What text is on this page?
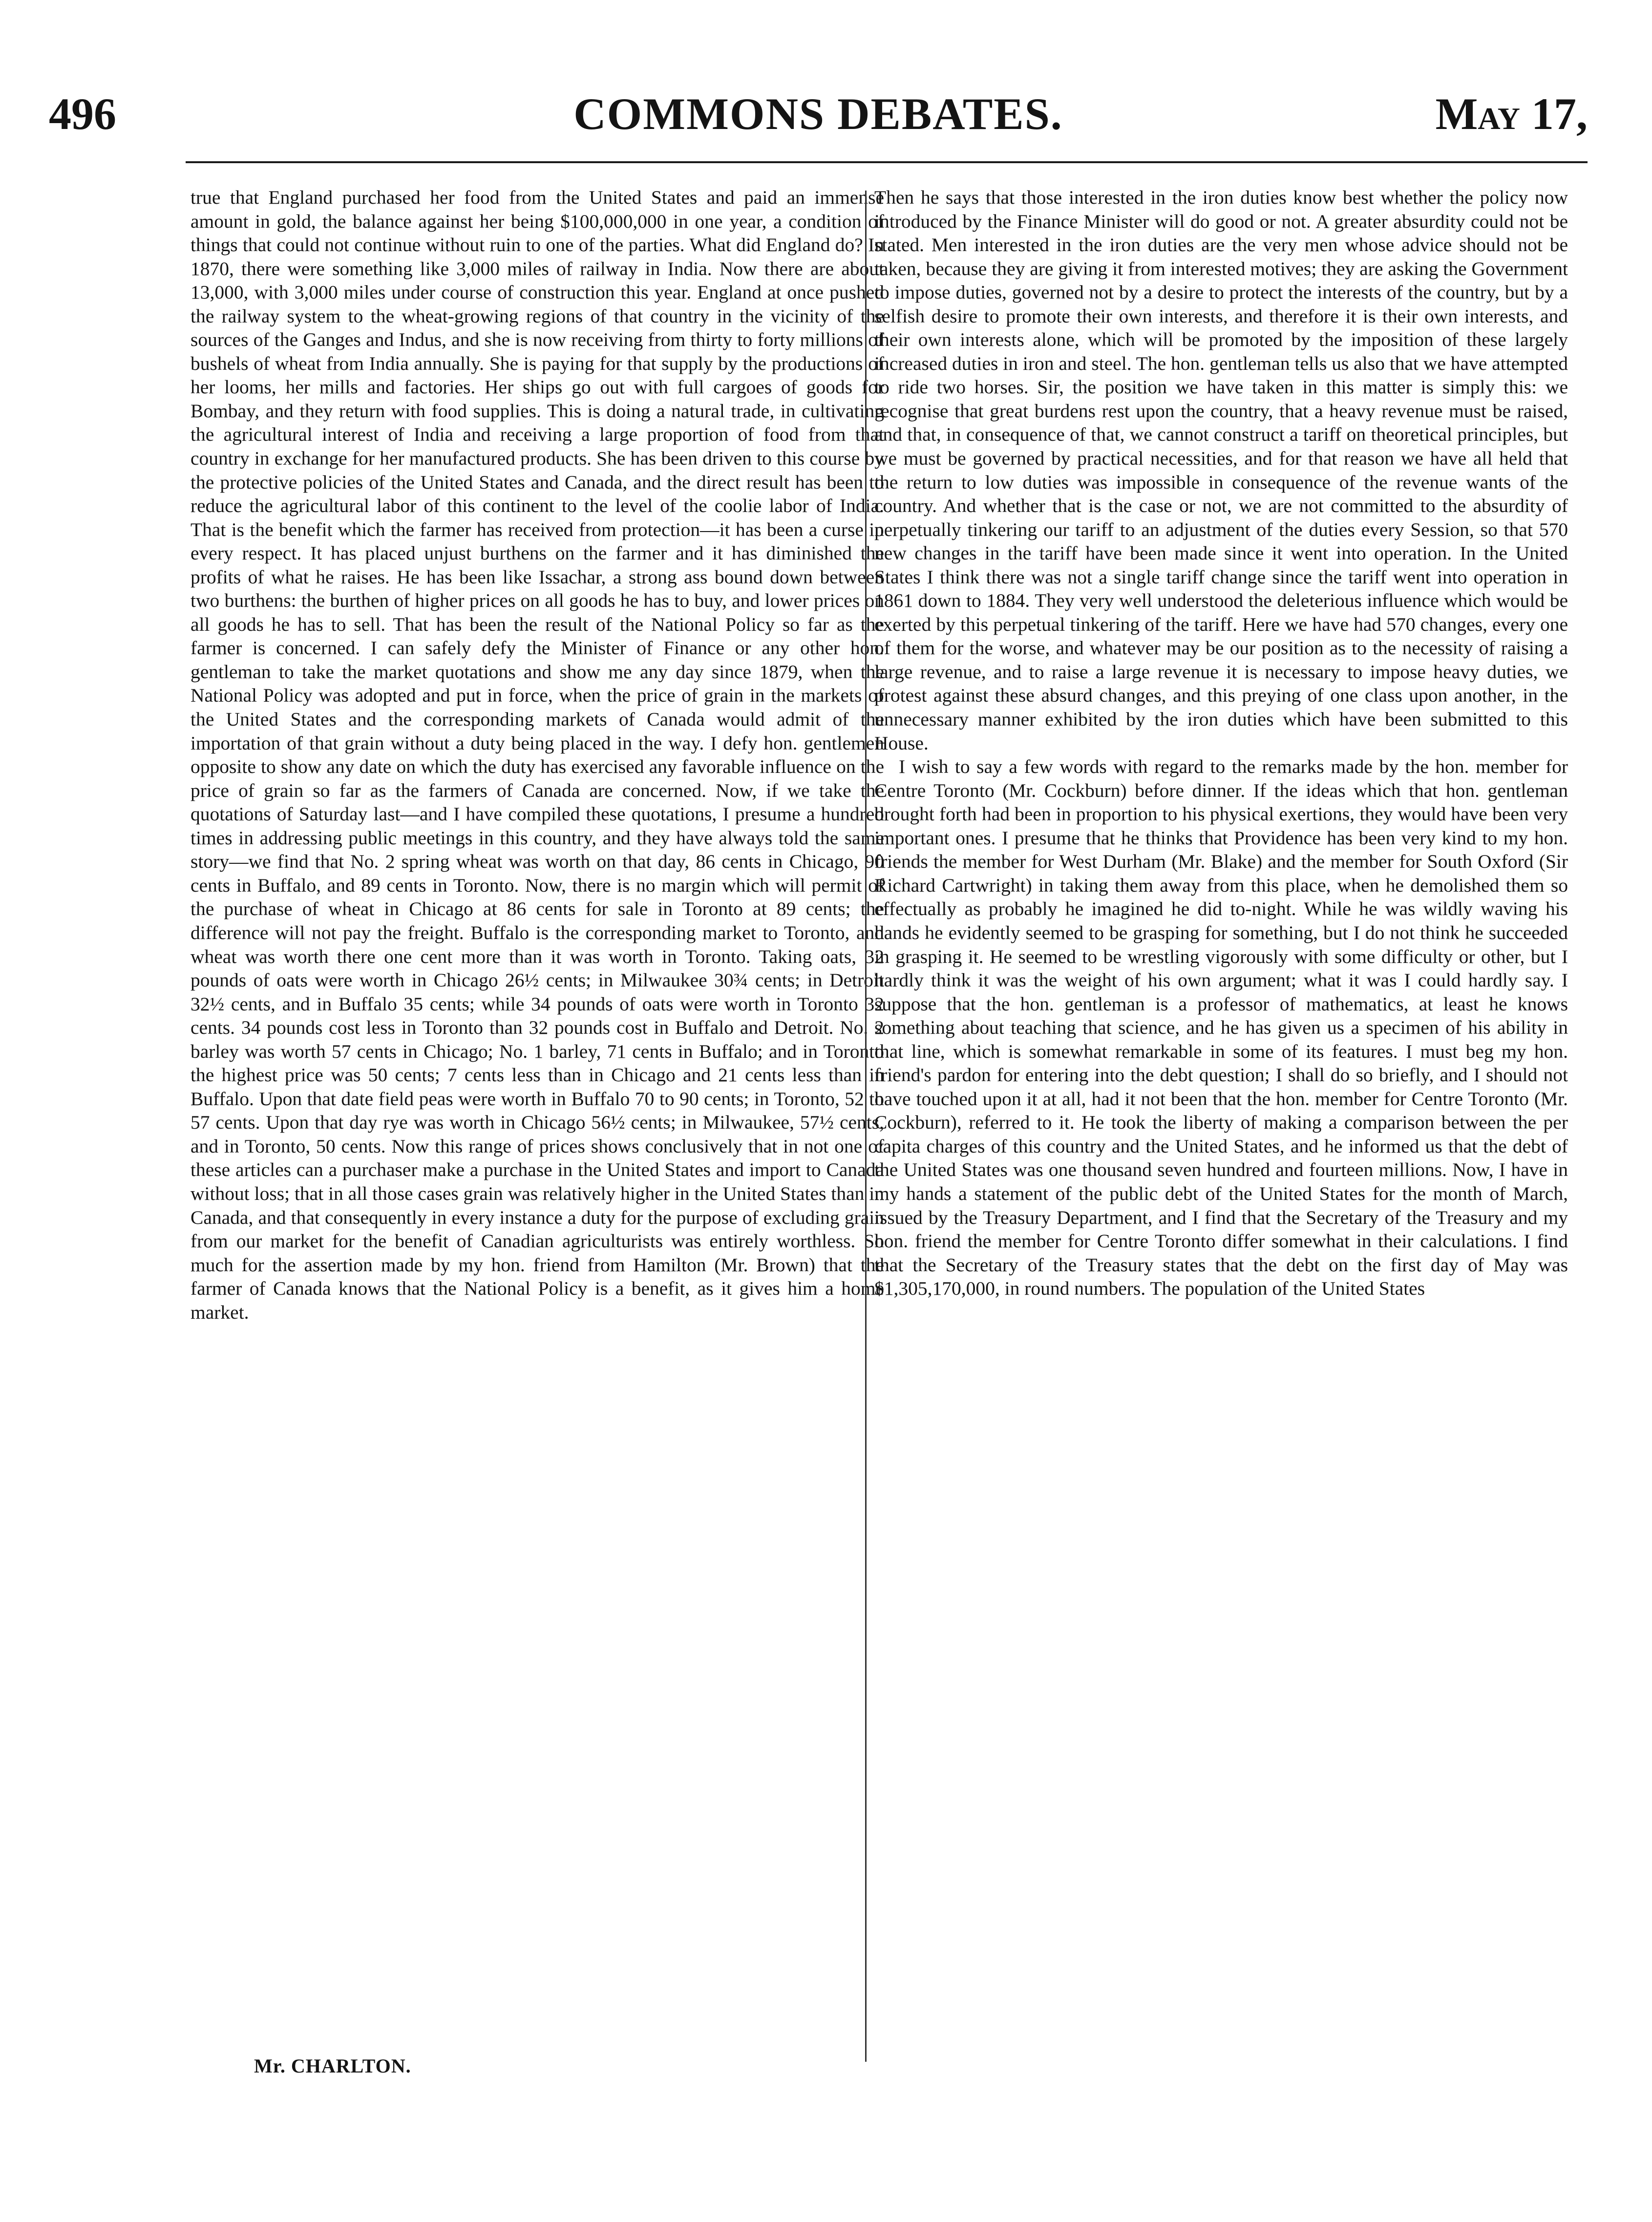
496	COMMONS DEBATES.	May 17,

true that England purchased her food from the United States and paid an immense amount in gold, the balance against her being $100,000,000 in one year, a condition of things that could not continue without ruin to one of the parties. What did England do? In 1870, there were something like 3,000 miles of railway in India. Now there are about 13,000, with 3,000 miles under course of construction this year. England at once pushed the railway system to the wheat-growing regions of that country in the vicinity of the sources of the Ganges and Indus, and she is now receiving from thirty to forty millions of bushels of wheat from India annually. She is paying for that supply by the productions of her looms, her mills and factories. Her ships go out with full cargoes of goods for Bombay, and they return with food supplies. This is doing a natural trade, in cultivating the agricultural interest of India and receiving a large proportion of food from that country in exchange for her manufactured products. She has been driven to this course by the protective policies of the United States and Canada, and the direct result has been to reduce the agricultural labor of this continent to the level of the coolie labor of India. That is the benefit which the farmer has received from protection—it has been a curse in every respect. It has placed unjust burthens on the farmer and it has diminished the profits of what he raises. He has been like Issachar, a strong ass bound down between two burthens: the burthen of higher prices on all goods he has to buy, and lower prices on all goods he has to sell. That has been the result of the National Policy so far as the farmer is concerned. I can safely defy the Minister of Finance or any other hon. gentleman to take the market quotations and show me any day since 1879, when the National Policy was adopted and put in force, when the price of grain in the markets of the United States and the corresponding markets of Canada would admit of the importation of that grain without a duty being placed in the way. I defy hon. gentlemen opposite to show any date on which the duty has exercised any favorable influence on the price of grain so far as the farmers of Canada are concerned. Now, if we take the quotations of Saturday last—and I have compiled these quotations, I presume a hundred times in addressing public meetings in this country, and they have always told the same story—we find that No. 2 spring wheat was worth on that day, 86 cents in Chicago, 90 cents in Buffalo, and 89 cents in Toronto. Now, there is no margin which will permit of the purchase of wheat in Chicago at 86 cents for sale in Toronto at 89 cents; the difference will not pay the freight. Buffalo is the corresponding market to Toronto, and wheat was worth there one cent more than it was worth in Toronto. Taking oats, 32 pounds of oats were worth in Chicago 26½ cents; in Milwaukee 30¾ cents; in Detroit 32½ cents, and in Buffalo 35 cents; while 34 pounds of oats were worth in Toronto 32 cents. 34 pounds cost less in Toronto than 32 pounds cost in Buffalo and Detroit. No. 2 barley was worth 57 cents in Chicago; No. 1 barley, 71 cents in Buffalo; and in Toronto the highest price was 50 cents; 7 cents less than in Chicago and 21 cents less than in Buffalo. Upon that date field peas were worth in Buffalo 70 to 90 cents; in Toronto, 52 to 57 cents. Upon that day rye was worth in Chicago 56½ cents; in Milwaukee, 57½ cents, and in Toronto, 50 cents. Now this range of prices shows conclusively that in not one of these articles can a purchaser make a purchase in the United States and import to Canada without loss; that in all those cases grain was relatively higher in the United States than in Canada, and that consequently in every instance a duty for the purpose of excluding grain from our market for the benefit of Canadian agriculturists was entirely worthless. So much for the assertion made by my hon. friend from Hamilton (Mr. Brown) that the farmer of Canada knows that the National Policy is a benefit, as it gives him a home market.

Then he says that those interested in the iron duties know best whether the policy now introduced by the Finance Minister will do good or not. A greater absurdity could not be stated. Men interested in the iron duties are the very men whose advice should not be taken, because they are giving it from interested motives; they are asking the Government to impose duties, governed not by a desire to protect the interests of the country, but by a selfish desire to promote their own interests, and therefore it is their own interests, and their own interests alone, which will be promoted by the imposition of these largely increased duties in iron and steel. The hon. gentleman tells us also that we have attempted to ride two horses. Sir, the position we have taken in this matter is simply this: we recognise that great burdens rest upon the country, that a heavy revenue must be raised, and that, in consequence of that, we cannot construct a tariff on theoretical principles, but we must be governed by practical necessities, and for that reason we have all held that the return to low duties was impossible in consequence of the revenue wants of the country. And whether that is the case or not, we are not committed to the absurdity of perpetually tinkering our tariff to an adjustment of the duties every Session, so that 570 new changes in the tariff have been made since it went into operation. In the United States I think there was not a single tariff change since the tariff went into operation in 1861 down to 1884. They very well understood the deleterious influence which would be exerted by this perpetual tinkering of the tariff. Here we have had 570 changes, every one of them for the worse, and whatever may be our position as to the necessity of raising a large revenue, and to raise a large revenue it is necessary to impose heavy duties, we protest against these absurd changes, and this preying of one class upon another, in the unnecessary manner exhibited by the iron duties which have been submitted to this House.

I wish to say a few words with regard to the remarks made by the hon. member for Centre Toronto (Mr. Cockburn) before dinner. If the ideas which that hon. gentleman brought forth had been in proportion to his physical exertions, they would have been very important ones. I presume that he thinks that Providence has been very kind to my hon. friends the member for West Durham (Mr. Blake) and the member for South Oxford (Sir Richard Cartwright) in taking them away from this place, when he demolished them so effectually as probably he imagined he did to-night. While he was wildly waving his hands he evidently seemed to be grasping for something, but I do not think he succeeded in grasping it. He seemed to be wrestling vigorously with some difficulty or other, but I hardly think it was the weight of his own argument; what it was I could hardly say. I suppose that the hon. gentleman is a professor of mathematics, at least he knows something about teaching that science, and he has given us a specimen of his ability in that line, which is somewhat remarkable in some of its features. I must beg my hon. friend's pardon for entering into the debt question; I shall do so briefly, and I should not have touched upon it at all, had it not been that the hon. member for Centre Toronto (Mr. Cockburn), referred to it. He took the liberty of making a comparison between the per capita charges of this country and the United States, and he informed us that the debt of the United States was one thousand seven hundred and fourteen millions. Now, I have in my hands a statement of the public debt of the United States for the month of March, issued by the Treasury Department, and I find that the Secretary of the Treasury and my hon. friend the member for Centre Toronto differ somewhat in their calculations. I find that the Secretary of the Treasury states that the debt on the first day of May was $1,305,170,000, in round numbers. The population of the United States

Mr. CHARLTON.
